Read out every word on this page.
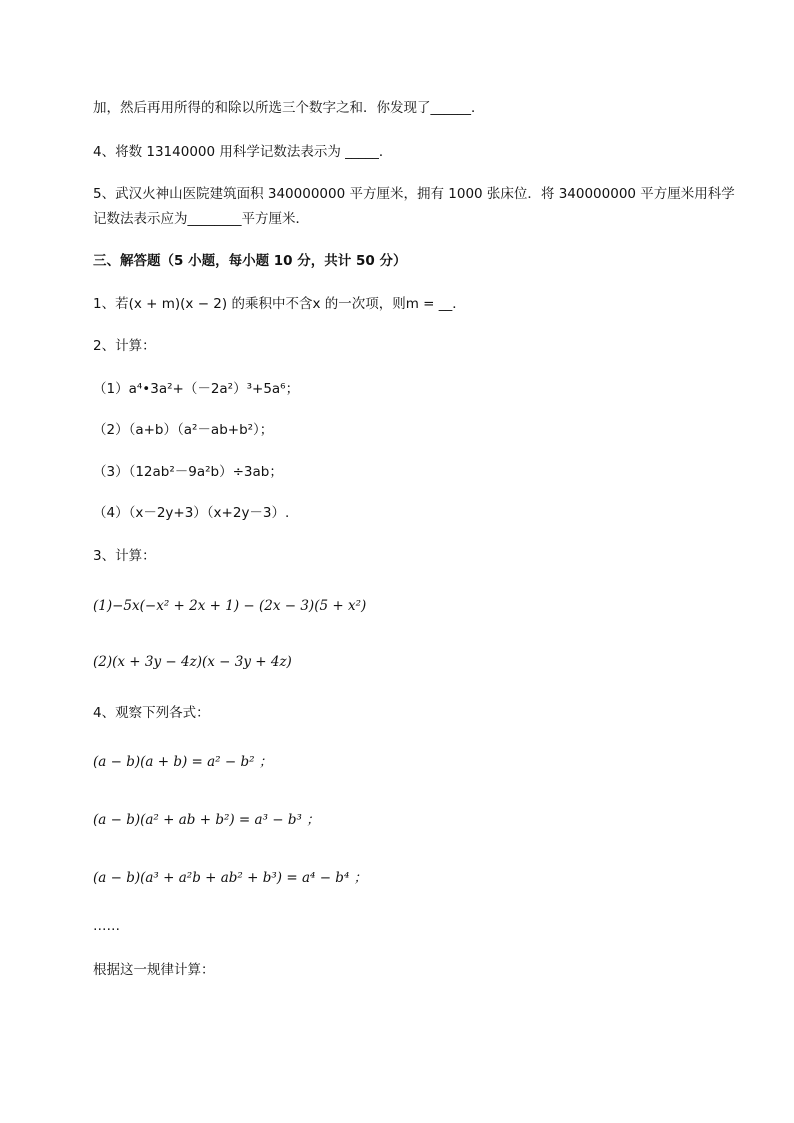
加，然后再用所得的和除以所选三个数字之和．你发现了______．
4、将数 13140000 用科学记数法表示为 _____．
5、武汉火神山医院建筑面积 340000000 平方厘米，拥有 1000 张床位．将 340000000 平方厘米用科学
记数法表示应为________平方厘米．
三、解答题（5 小题，每小题 10 分，共计 50 分）
1、若(x + m)(x − 2) 的乘积中不含x 的一次项，则m = __．
2、计算：
（1）a⁴•3a²+（－2a²）³+5a⁶；
（2）（a+b）（a²－ab+b²）；
（3）（12ab²－9a²b）÷3ab；
（4）（x－2y+3）（x+2y－3）.
3、计算：
(1)−5x(−x² + 2x + 1) − (2x − 3)(5 + x²)
(2)(x + 3y − 4z)(x − 3y + 4z)
4、观察下列各式：
(a − b)(a + b) = a² − b² ；
(a − b)(a² + ab + b²) = a³ − b³ ；
(a − b)(a³ + a²b + ab² + b³) = a⁴ − b⁴ ；
……
根据这一规律计算：
